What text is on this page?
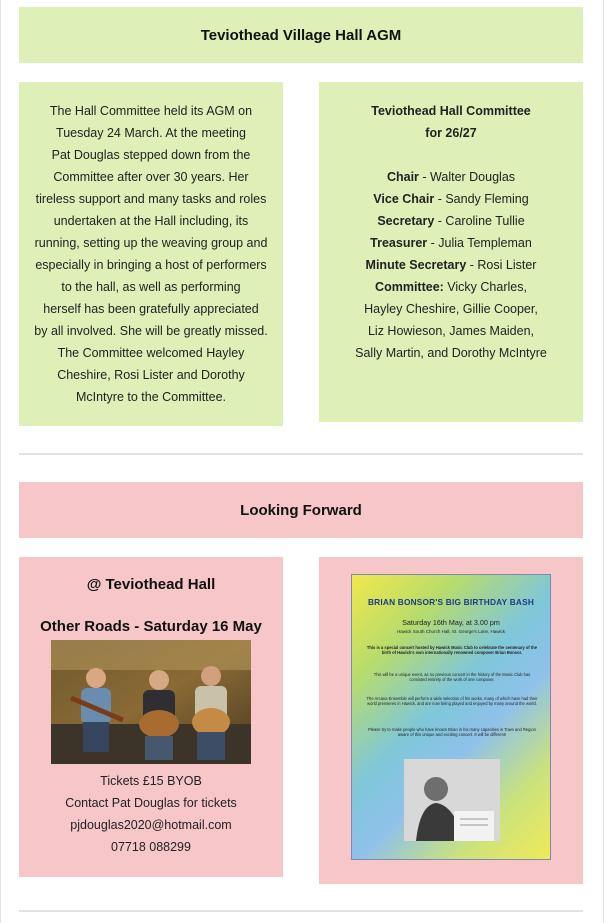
Teviothead Village Hall AGM
The Hall Committee held its AGM on
Tuesday 24 March. At the meeting
Pat Douglas stepped down from the
Committee after over 30 years. Her
tireless support and many tasks and roles
undertaken at the Hall including, its
running, setting up the weaving group and
especially in bringing a host of performers
to the hall, as well as performing
herself has been gratefully appreciated
by all involved. She will be greatly missed.
The Committee welcomed Hayley
Cheshire, Rosi Lister and Dorothy
McIntyre to the Committee.
Teviothead Hall Committee
for 26/27

Chair - Walter Douglas
Vice Chair - Sandy Fleming
Secretary - Caroline Tullie
Treasurer - Julia Templeman
Minute Secretary - Rosi Lister
Committee: Vicky Charles,
Hayley Cheshire, Gillie Cooper,
Liz Howieson, James Maiden,
Sally Martin, and Dorothy McIntyre
Looking Forward
@ Teviothead Hall
Other Roads - Saturday 16 May
Tickets £15 BYOB
Contact Pat Douglas for tickets
pjdouglas2020@hotmail.com
07718 088299
BRIAN BONSOR'S BIG BIRTHDAY BASH
Saturday 16th May, at 3.00 pm
Hawick South Church Hall, St. George's Lane, Hawick
This is a special concert hosted by Hawick Music Club to celebrate the centenary of the birth of Hawick's own internationally renowned composer Brian Bonsor.
This will be a unique event, as no previous concert in the history of the Music Club has consisted entirely of the work of one composer.
The Arcana Ensemble will perform a wide selection of his works, many of which have had their world premieres in Hawick, and are now being played and enjoyed by many around the world.
Please try to make people who have known Brian in his many capacities in Town and Region aware of this unique and exciting concert. It will be different!
